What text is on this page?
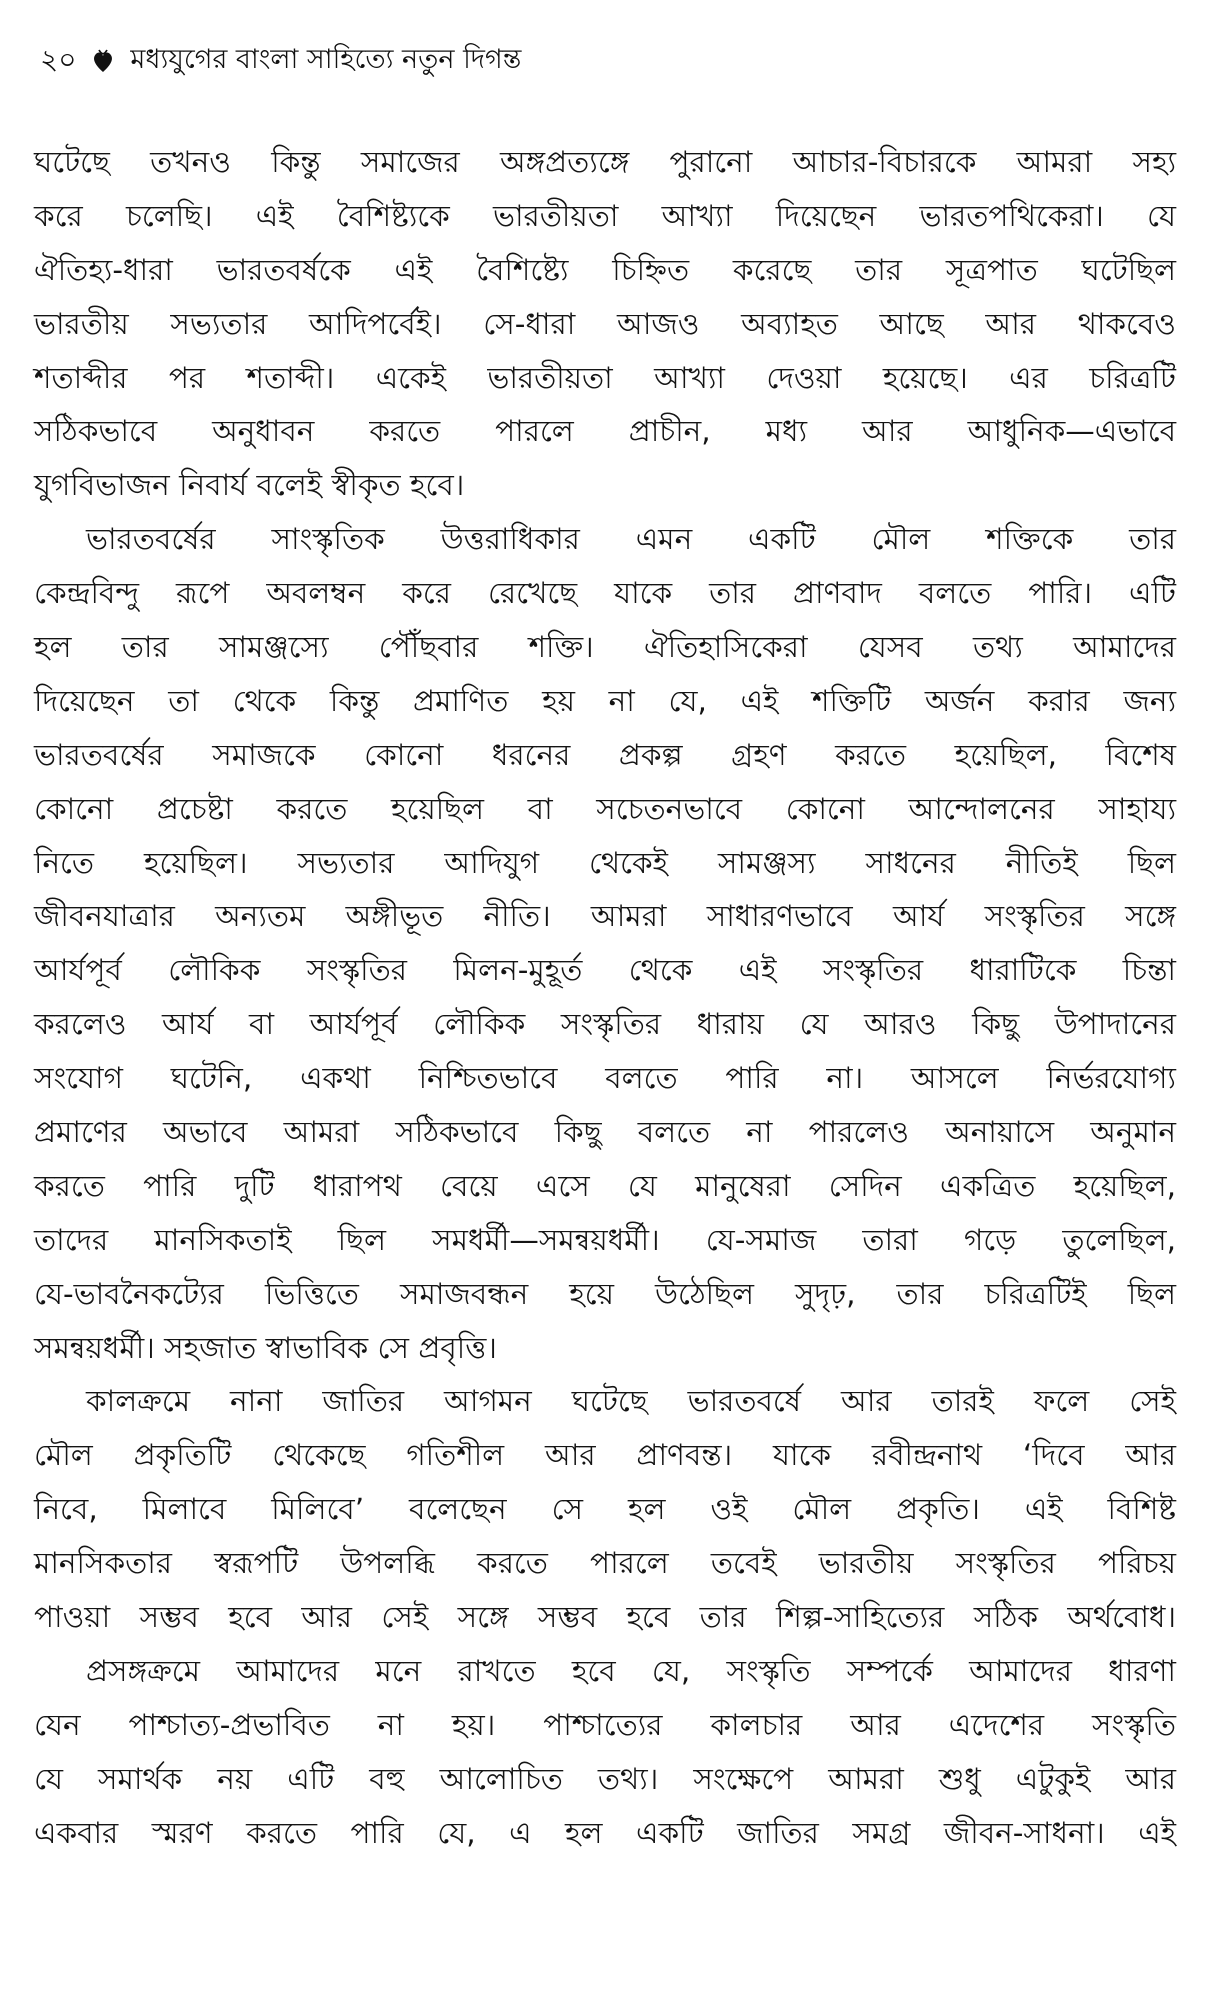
২০ মধ্যযুগের বাংলা সাহিত্যে নতুন দিগন্ত
ঘটেছে তখনও কিন্তু সমাজের অঙ্গপ্রত্যঙ্গে পুরানো আচার-বিচারকে আমরা সহ্য
করে চলেছি। এই বৈশিষ্ট্যকে ভারতীয়তা আখ্যা দিয়েছেন ভারতপথিকেরা। যে
ঐতিহ্য-ধারা ভারতবর্ষকে এই বৈশিষ্ট্যে চিহ্নিত করেছে তার সূত্রপাত ঘটেছিল
ভারতীয় সভ্যতার আদিপর্বেই। সে-ধারা আজও অব্যাহত আছে আর থাকবেও
শতাব্দীর পর শতাব্দী। একেই ভারতীয়তা আখ্যা দেওয়া হয়েছে। এর চরিত্রটি
সঠিকভাবে অনুধাবন করতে পারলে প্রাচীন, মধ্য আর আধুনিক—এভাবে
যুগবিভাজন নিবার্য বলেই স্বীকৃত হবে।
ভারতবর্ষের সাংস্কৃতিক উত্তরাধিকার এমন একটি মৌল শক্তিকে তার
কেন্দ্রবিন্দু রূপে অবলম্বন করে রেখেছে যাকে তার প্রাণবাদ বলতে পারি। এটি
হল তার সামঞ্জস্যে পৌঁছবার শক্তি। ঐতিহাসিকেরা যেসব তথ্য আমাদের
দিয়েছেন তা থেকে কিন্তু প্রমাণিত হয় না যে, এই শক্তিটি অর্জন করার জন্য
ভারতবর্ষের সমাজকে কোনো ধরনের প্রকল্প গ্রহণ করতে হয়েছিল, বিশেষ
কোনো প্রচেষ্টা করতে হয়েছিল বা সচেতনভাবে কোনো আন্দোলনের সাহায্য
নিতে হয়েছিল। সভ্যতার আদিযুগ থেকেই সামঞ্জস্য সাধনের নীতিই ছিল
জীবনযাত্রার অন্যতম অঙ্গীভূত নীতি। আমরা সাধারণভাবে আর্য সংস্কৃতির সঙ্গে
আর্যপূর্ব লৌকিক সংস্কৃতির মিলন-মুহূর্ত থেকে এই সংস্কৃতির ধারাটিকে চিন্তা
করলেও আর্য বা আর্যপূর্ব লৌকিক সংস্কৃতির ধারায় যে আরও কিছু উপাদানের
সংযোগ ঘটেনি, একথা নিশ্চিতভাবে বলতে পারি না। আসলে নির্ভরযোগ্য
প্রমাণের অভাবে আমরা সঠিকভাবে কিছু বলতে না পারলেও অনায়াসে অনুমান
করতে পারি দুটি ধারাপথ বেয়ে এসে যে মানুষেরা সেদিন একত্রিত হয়েছিল,
তাদের মানসিকতাই ছিল সমধর্মী—সমন্বয়ধর্মী। যে-সমাজ তারা গড়ে তুলেছিল,
যে-ভাবনৈকট্যের ভিত্তিতে সমাজবন্ধন হয়ে উঠেছিল সুদৃঢ়, তার চরিত্রটিই ছিল
সমন্বয়ধর্মী। সহজাত স্বাভাবিক সে প্রবৃত্তি।
কালক্রমে নানা জাতির আগমন ঘটেছে ভারতবর্ষে আর তারই ফলে সেই
মৌল প্রকৃতিটি থেকেছে গতিশীল আর প্রাণবন্ত। যাকে রবীন্দ্রনাথ ‘দিবে আর
নিবে, মিলাবে মিলিবে’ বলেছেন সে হল ওই মৌল প্রকৃতি। এই বিশিষ্ট
মানসিকতার স্বরূপটি উপলব্ধি করতে পারলে তবেই ভারতীয় সংস্কৃতির পরিচয়
পাওয়া সম্ভব হবে আর সেই সঙ্গে সম্ভব হবে তার শিল্প-সাহিত্যের সঠিক অর্থবোধ।
প্রসঙ্গক্রমে আমাদের মনে রাখতে হবে যে, সংস্কৃতি সম্পর্কে আমাদের ধারণা
যেন পাশ্চাত্য-প্রভাবিত না হয়। পাশ্চাত্যের কালচার আর এদেশের সংস্কৃতি
যে সমার্থক নয় এটি বহু আলোচিত তথ্য। সংক্ষেপে আমরা শুধু এটুকুই আর
একবার স্মরণ করতে পারি যে, এ হল একটি জাতির সমগ্র জীবন-সাধনা। এই
